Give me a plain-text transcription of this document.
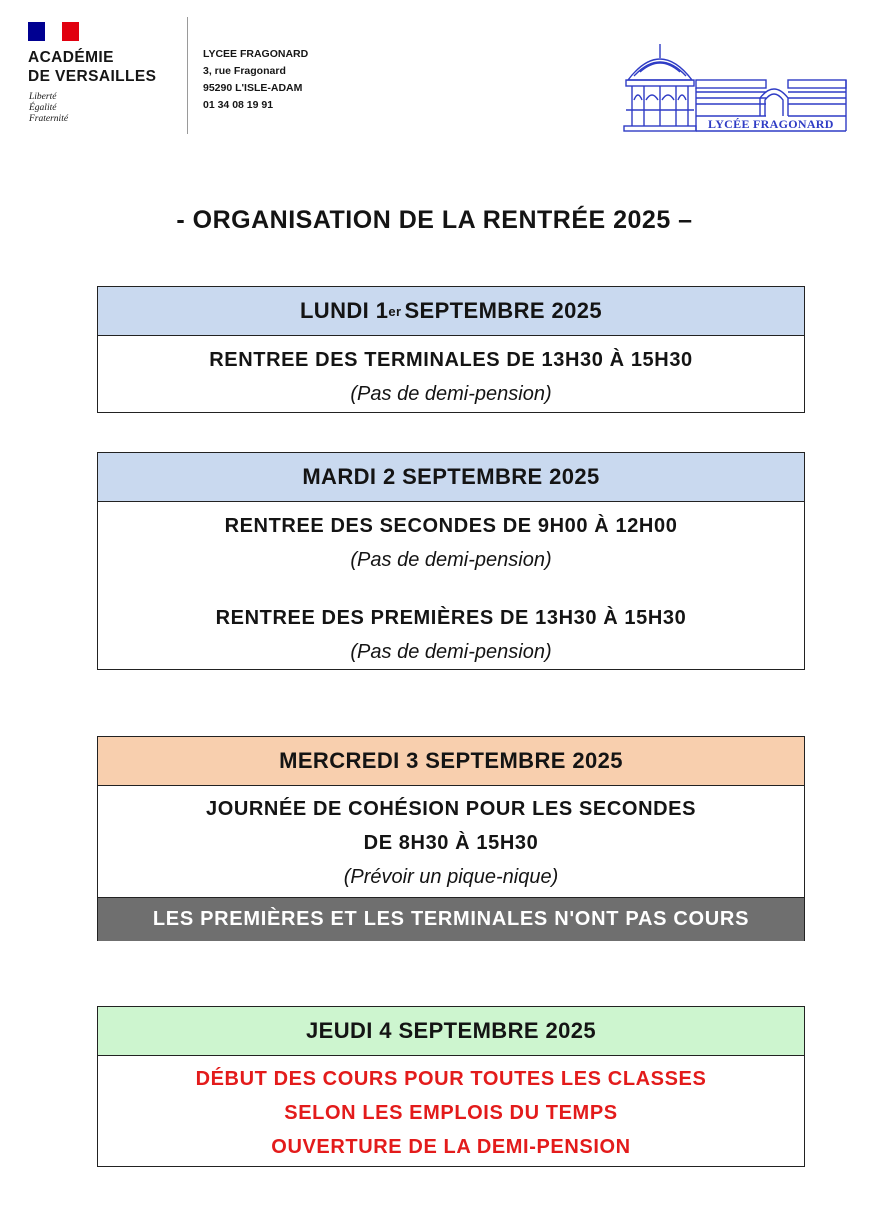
ACADÉMIE
DE VERSAILLES
Liberté
Égalité
Fraternité
LYCEE FRAGONARD
3, rue Fragonard
95290 L'ISLE-ADAM
01 34 08 19 91
LYCÉE FRAGONARD
- ORGANISATION DE LA RENTRÉE 2025 –
LUNDI 1 er SEPTEMBRE 2025
RENTREE DES TERMINALES DE 13H30 À 15H30
(Pas de demi-pension)
MARDI 2 SEPTEMBRE 2025
RENTREE DES SECONDES DE 9H00 À 12H00
(Pas de demi-pension)
RENTREE DES PREMIÈRES DE 13H30 À 15H30
(Pas de demi-pension)
MERCREDI 3 SEPTEMBRE 2025
JOURNÉE DE COHÉSION POUR LES SECONDES
DE 8H30 À 15H30
(Prévoir un pique-nique)
LES PREMIÈRES ET LES TERMINALES N'ONT PAS COURS
JEUDI 4 SEPTEMBRE 2025
DÉBUT DES COURS POUR TOUTES LES CLASSES
SELON LES EMPLOIS DU TEMPS
OUVERTURE DE LA DEMI-PENSION
